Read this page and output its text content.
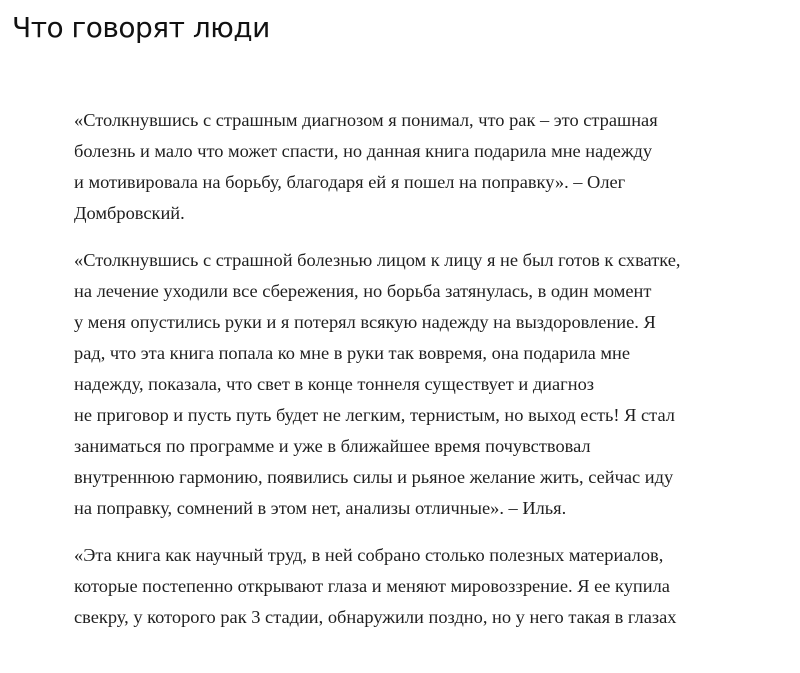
Что говорят люди

«Столкнувшись с страшным диагнозом я понимал, что рак – это страшная
болезнь и мало что может спасти, но данная книга подарила мне надежду
и мотивировала на борьбу, благодаря ей я пошел на поправку». – Олег
Домбровский.

«Столкнувшись с страшной болезнью лицом к лицу я не был готов к схватке,
на лечение уходили все сбережения, но борьба затянулась, в один момент
у меня опустились руки и я потерял всякую надежду на выздоровление. Я
рад, что эта книга попала ко мне в руки так вовремя, она подарила мне
надежду, показала, что свет в конце тоннеля существует и диагноз
не приговор и пусть путь будет не легким, тернистым, но выход есть! Я стал
заниматься по программе и уже в ближайшее время почувствовал
внутреннюю гармонию, появились силы и рьяное желание жить, сейчас иду
на поправку, сомнений в этом нет, анализы отличные». – Илья.

«Эта книга как научный труд, в ней собрано столько полезных материалов,
которые постепенно открывают глаза и меняют мировоззрение. Я ее купила
свекру, у которого рак 3 стадии, обнаружили поздно, но у него такая в глазах
